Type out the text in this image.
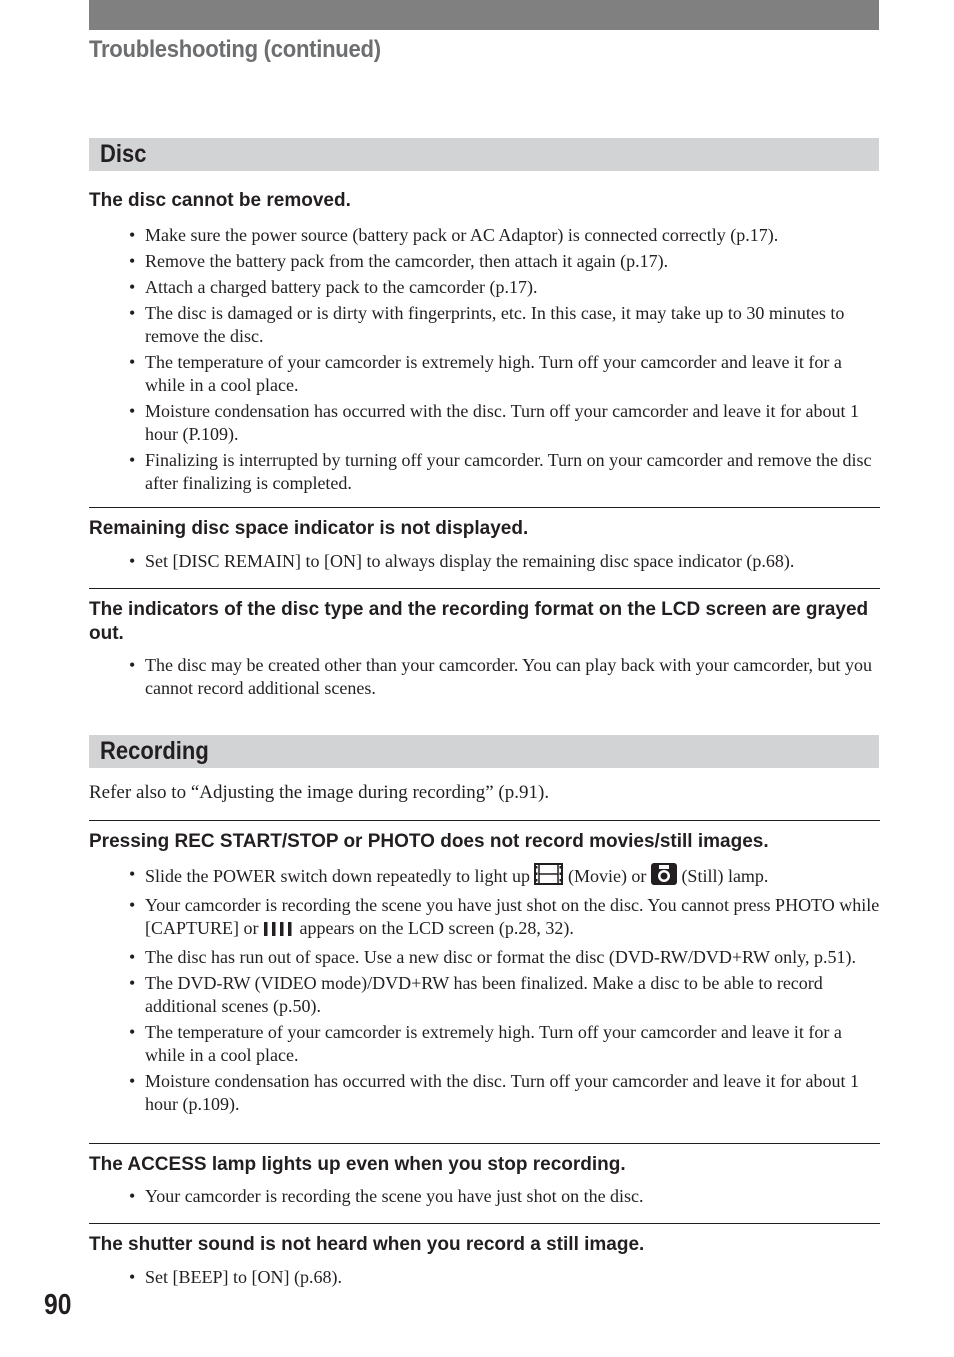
Troubleshooting (continued)
Disc
The disc cannot be removed.
• Make sure the power source (battery pack or AC Adaptor) is connected correctly (p.17).
• Remove the battery pack from the camcorder, then attach it again (p.17).
• Attach a charged battery pack to the camcorder (p.17).
• The disc is damaged or is dirty with fingerprints, etc. In this case, it may take up to 30 minutes to remove the disc.
• The temperature of your camcorder is extremely high. Turn off your camcorder and leave it for a while in a cool place.
• Moisture condensation has occurred with the disc. Turn off your camcorder and leave it for about 1 hour (P.109).
• Finalizing is interrupted by turning off your camcorder. Turn on your camcorder and remove the disc after finalizing is completed.
Remaining disc space indicator is not displayed.
• Set [DISC REMAIN] to [ON] to always display the remaining disc space indicator (p.68).
The indicators of the disc type and the recording format on the LCD screen are grayed out.
• The disc may be created other than your camcorder. You can play back with your camcorder, but you cannot record additional scenes.
Recording
Refer also to “Adjusting the image during recording” (p.91).
Pressing REC START/STOP or PHOTO does not record movies/still images.
• Slide the POWER switch down repeatedly to light up  (Movie) or  (Still) lamp.
• Your camcorder is recording the scene you have just shot on the disc. You cannot press PHOTO while [CAPTURE] or  appears on the LCD screen (p.28, 32).
• The disc has run out of space. Use a new disc or format the disc (DVD-RW/DVD+RW only, p.51).
• The DVD-RW (VIDEO mode)/DVD+RW has been finalized. Make a disc to be able to record additional scenes (p.50).
• The temperature of your camcorder is extremely high. Turn off your camcorder and leave it for a while in a cool place.
• Moisture condensation has occurred with the disc. Turn off your camcorder and leave it for about 1 hour (p.109).
The ACCESS lamp lights up even when you stop recording.
• Your camcorder is recording the scene you have just shot on the disc.
The shutter sound is not heard when you record a still image.
• Set [BEEP] to [ON] (p.68).
90
